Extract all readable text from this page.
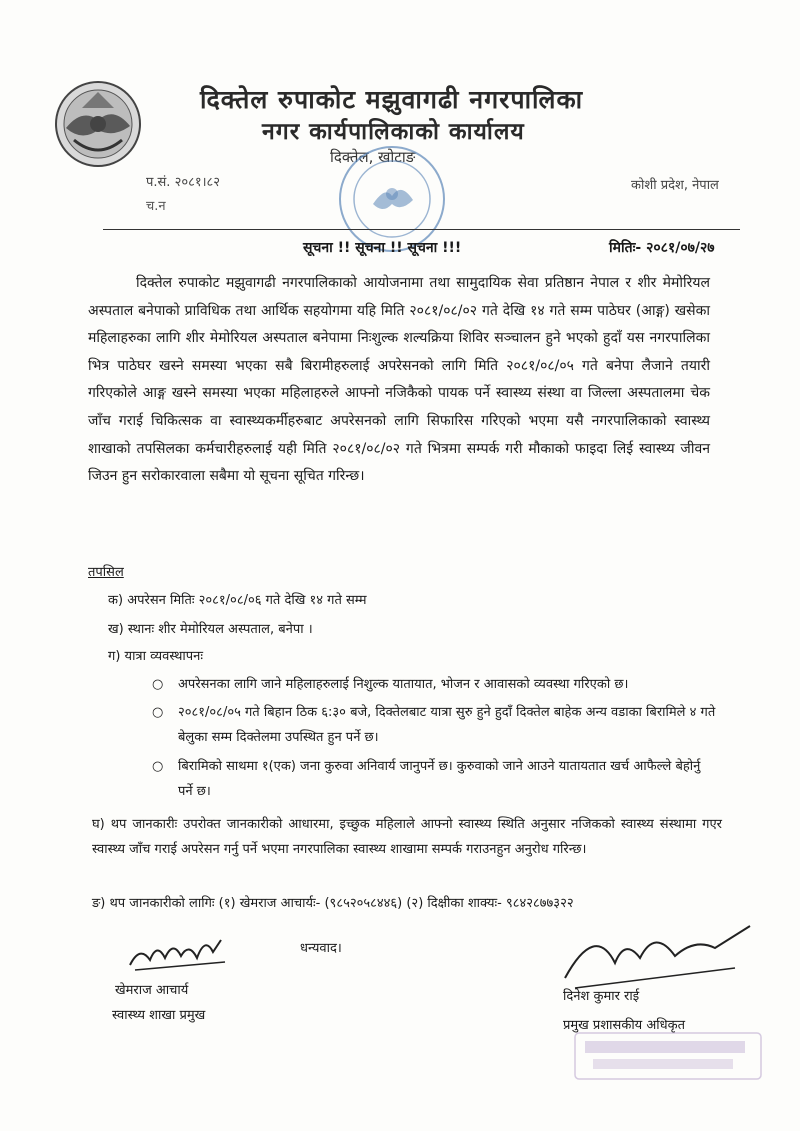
दिक्तेल रुपाकोट मझुवागढी नगरपालिका
नगर कार्यपालिकाको कार्यालय
दिक्तेल, खोटाङ
प.सं. २०८१।८२
च.न
कोशी प्रदेश, नेपाल
सूचना !! सूचना !! सूचना !!!	मितिः- २०८१/०७/२७

दिक्तेल रुपाकोट मझुवागढी नगरपालिकाको आयोजनामा तथा सामुदायिक सेवा प्रतिष्ठान नेपाल र शीर मेमोरियल अस्पताल बनेपाको प्राविधिक तथा आर्थिक सहयोगमा यहि मिति २०८१/०८/०२ गते देखि १४ गते सम्म पाठेघर (आङ्ग) खसेका महिलाहरुका लागि शीर मेमोरियल अस्पताल बनेपामा निःशुल्क शल्यक्रिया शिविर सञ्चालन हुने भएको हुदाँ यस नगरपालिका भित्र पाठेघर खस्ने समस्या भएका सबै बिरामीहरुलाई अपरेसनको लागि मिति २०८१/०८/०५ गते बनेपा लैजाने तयारी गरिएकोले आङ्ग खस्ने समस्या भएका महिलाहरुले आफ्नो नजिकैको पायक पर्ने स्वास्थ्य संस्था वा जिल्ला अस्पतालमा चेक जाँच गराई चिकित्सक वा स्वास्थ्यकर्मीहरुबाट अपरेसनको लागि सिफारिस गरिएको भएमा यसै नगरपालिकाको स्वास्थ्य शाखाको तपसिलका कर्मचारीहरुलाई यही मिति २०८१/०८/०२ गते भित्रमा सम्पर्क गरी मौकाको फाइदा लिई स्वास्थ्य जीवन जिउन हुन सरोकारवाला सबैमा यो सूचना सूचित गरिन्छ।

तपसिल
क) अपरेसन मितिः २०८१/०८/०६ गते देखि १४ गते सम्म
ख) स्थानः शीर मेमोरियल अस्पताल, बनेपा ।
ग) यात्रा व्यवस्थापनः
○ अपरेसनका लागि जाने महिलाहरुलाई निशुल्क यातायात, भोजन र आवासको व्यवस्था गरिएको छ।
○ २०८१/०८/०५ गते बिहान ठिक ६:३० बजे, दिक्तेलबाट यात्रा सुरु हुने हुदाँ दिक्तेल बाहेक अन्य वडाका बिरामिले ४ गते बेलुका सम्म दिक्तेलमा उपस्थित हुन पर्ने छ।
○ बिरामिको साथमा १(एक) जना कुरुवा अनिवार्य जानुपर्ने छ। कुरुवाको जाने आउने यातायतात खर्च आफैल्ले बेहोर्नु पर्ने छ।
घ) थप जानकारीः उपरोक्त जानकारीको आधारमा, इच्छुक महिलाले आफ्नो स्वास्थ्य स्थिति अनुसार नजिकको स्वास्थ्य संस्थामा गएर स्वास्थ्य जाँच गराई अपरेसन गर्नु पर्ने भएमा नगरपालिका स्वास्थ्य शाखामा सम्पर्क गराउनहुन अनुरोध गरिन्छ।
ङ) थप जानकारीको लागिः (१) खेमराज आचार्यः- (९८५२०५८४४६) (२) दिक्षीका शाक्यः- ९८४२८७७३२२
धन्यवाद।
खेमराज आचार्य
स्वास्थ्य शाखा प्रमुख
दिनेश कुमार राई
प्रमुख प्रशासकीय अधिकृत
